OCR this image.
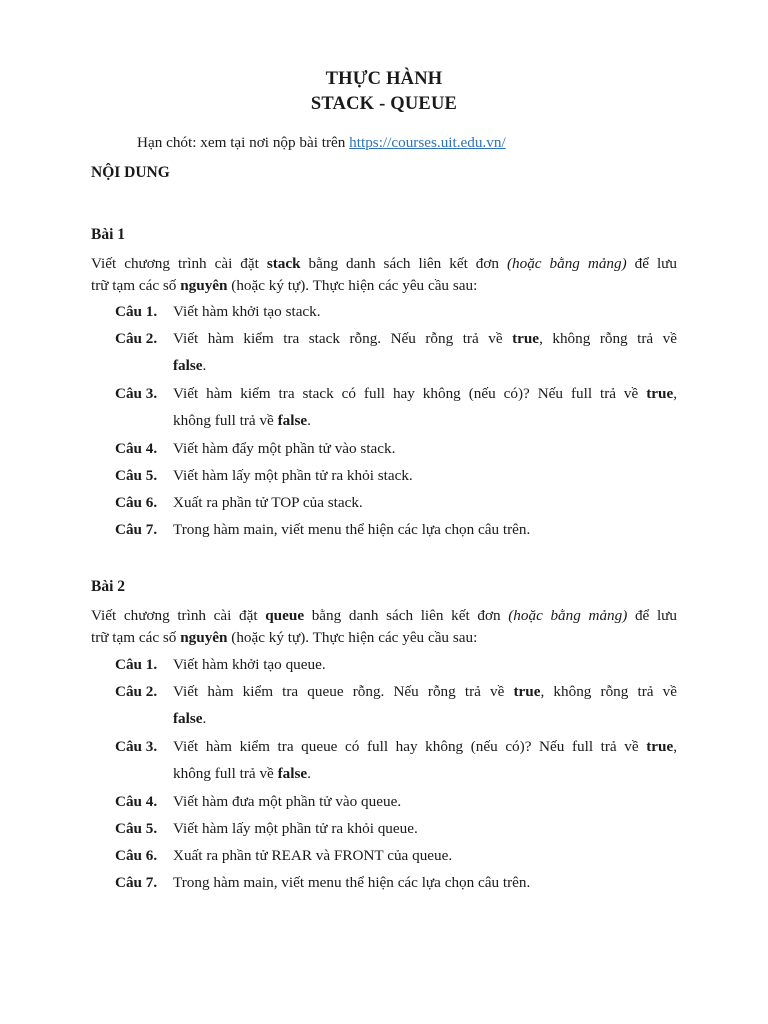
THỰC HÀNH
STACK - QUEUE
Hạn chót: xem tại nơi nộp bài trên https://courses.uit.edu.vn/
NỘI DUNG
Bài 1
Viết chương trình cài đặt stack bằng danh sách liên kết đơn (hoặc bằng mảng) để lưu
trữ tạm các số nguyên (hoặc ký tự). Thực hiện các yêu cầu sau:
Câu 1.	Viết hàm khởi tạo stack.
Câu 2.	Viết hàm kiểm tra stack rỗng. Nếu rỗng trả về true, không rỗng trả về
false.
Câu 3.	Viết hàm kiểm tra stack có full hay không (nếu có)? Nếu full trả về true,
không full trả về false.
Câu 4.	Viết hàm đẩy một phần tử vào stack.
Câu 5.	Viết hàm lấy một phần tử ra khỏi stack.
Câu 6.	Xuất ra phần tử TOP của stack.
Câu 7.	Trong hàm main, viết menu thể hiện các lựa chọn câu trên.
Bài 2
Viết chương trình cài đặt queue bằng danh sách liên kết đơn (hoặc bằng mảng) để lưu
trữ tạm các số nguyên (hoặc ký tự). Thực hiện các yêu cầu sau:
Câu 1.	Viết hàm khởi tạo queue.
Câu 2.	Viết hàm kiểm tra queue rỗng. Nếu rỗng trả về true, không rỗng trả về
false.
Câu 3.	Viết hàm kiểm tra queue có full hay không (nếu có)? Nếu full trả về true,
không full trả về false.
Câu 4.	Viết hàm đưa một phần tử vào queue.
Câu 5.	Viết hàm lấy một phần tử ra khỏi queue.
Câu 6.	Xuất ra phần tử REAR và FRONT của queue.
Câu 7.	Trong hàm main, viết menu thể hiện các lựa chọn câu trên.
